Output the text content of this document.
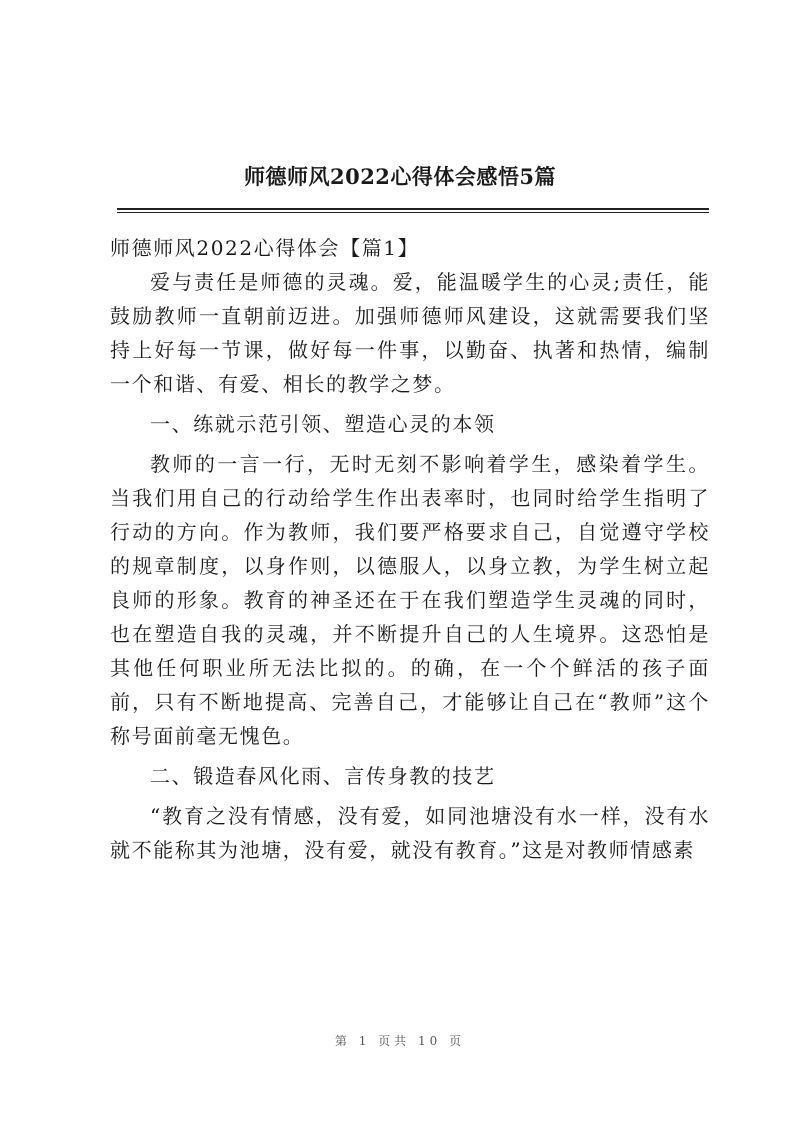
师德师风2022心得体会感悟5篇

师德师风2022心得体会【篇1】

爱与责任是师德的灵魂。爱，能温暖学生的心灵;责任，能鼓励教师一直朝前迈进。加强师德师风建设，这就需要我们坚持上好每一节课，做好每一件事，以勤奋、执著和热情，编制一个和谐、有爱、相长的教学之梦。

一、练就示范引领、塑造心灵的本领

教师的一言一行，无时无刻不影响着学生，感染着学生。当我们用自己的行动给学生作出表率时，也同时给学生指明了行动的方向。作为教师，我们要严格要求自己，自觉遵守学校的规章制度，以身作则，以德服人，以身立教，为学生树立起良师的形象。教育的神圣还在于在我们塑造学生灵魂的同时，也在塑造自我的灵魂，并不断提升自己的人生境界。这恐怕是其他任何职业所无法比拟的。的确，在一个个鲜活的孩子面前，只有不断地提高、完善自己，才能够让自己在“教师”这个称号面前毫无愧色。

二、锻造春风化雨、言传身教的技艺

“教育之没有情感，没有爱，如同池塘没有水一样，没有水就不能称其为池塘，没有爱，就没有教育。”这是对教师情感素

第 1 页共 10 页
